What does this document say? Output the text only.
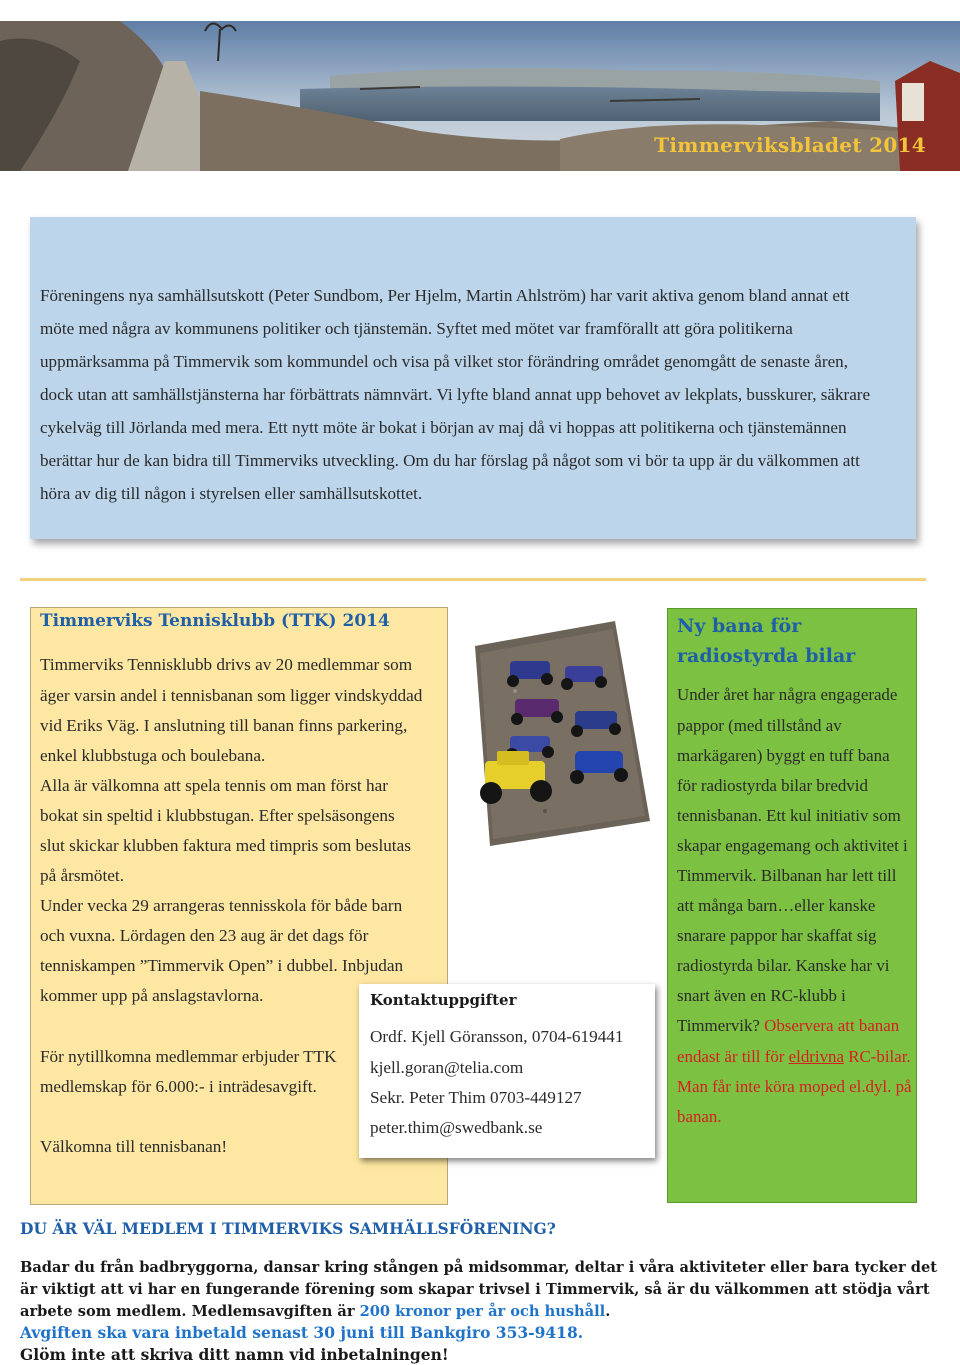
Timmerviksbladet 2014
Föreningens nya samhällsutskott (Peter Sundbom, Per Hjelm, Martin Ahlström) har varit aktiva genom bland annat ett
möte med några av kommunens politiker och tjänstemän. Syftet med mötet var framförallt att göra politikerna
uppmärksamma på Timmervik som kommundel och visa på vilket stor förändring området genomgått de senaste åren,
dock utan att samhällstjänsterna har förbättrats nämnvärt. Vi lyfte bland annat upp behovet av lekplats, busskurer, säkrare
cykelväg till Jörlanda med mera. Ett nytt möte är bokat i början av maj då vi hoppas att politikerna och tjänstemännen
berättar hur de kan bidra till Timmerviks utveckling. Om du har förslag på något som vi bör ta upp är du välkommen att
höra av dig till någon i styrelsen eller samhällsutskottet.
Timmerviks Tennisklubb (TTK) 2014

Timmerviks Tennisklubb drivs av 20 medlemmar som

äger varsin andel i tennisbanan som ligger vindskyddad

vid Eriks Väg. I anslutning till banan finns parkering,

enkel klubbstuga och boulebana.

Alla är välkomna att spela tennis om man först har

bokat sin speltid i klubbstugan. Efter spelsäsongens

slut skickar klubben faktura med timpris som beslutas

på årsmötet.

Under vecka 29 arrangeras tennisskola för både barn

och vuxna. Lördagen den 23 aug är det dags för

tenniskampen ”Timmervik Open” i dubbel. Inbjudan

kommer upp på anslagstavlorna.

För nytillkomna medlemmar erbjuder TTK

medlemskap för 6.000:- i inträdesavgift.

Välkomna till tennisbanan!

Kontaktuppgifter
Ordf. Kjell Göransson, 0704-619441
kjell.goran@telia.com
Sekr. Peter Thim 0703-449127
peter.thim@swedbank.se
Ny bana för radiostyrda bilar
Under året har några engagerade pappor (med tillstånd av markägaren) byggt en tuff bana för radiostyrda bilar bredvid tennisbanan. Ett kul initiativ som skapar engagemang och aktivitet i Timmervik. Bilbanan har lett till att många barn…eller kanske snarare pappor har skaffat sig radiostyrda bilar. Kanske har vi snart även en RC-klubb i Timmervik? Observera att banan endast är till för eldrivna RC-bilar. Man får inte köra moped el.dyl. på banan.
DU ÄR VÄL MEDLEM I TIMMERVIKS SAMHÄLLSFÖRENING?
Badar du från badbryggorna, dansar kring stången på midsommar, deltar i våra aktiviteter eller bara tycker det är viktigt att vi har en fungerande förening som skapar trivsel i Timmervik, så är du välkommen att stödja vårt arbete som medlem. Medlemsavgiften är 200 kronor per år och hushåll.
Avgiften ska vara inbetald senast 30 juni till Bankgiro 353-9418.
Glöm inte att skriva ditt namn vid inbetalningen!
